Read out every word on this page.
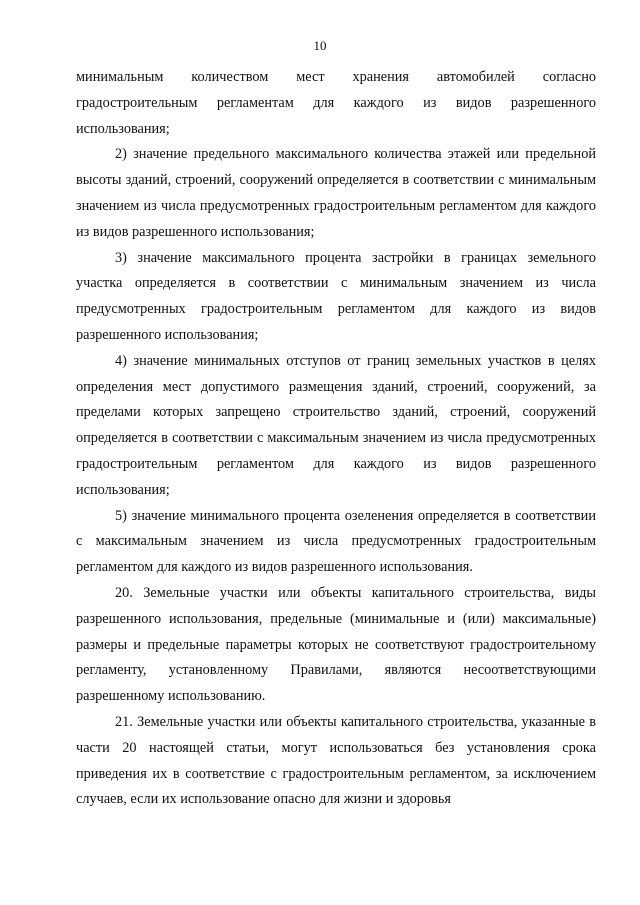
10

минимальным количеством мест хранения автомобилей согласно градостроительным регламентам для каждого из видов разрешенного использования;

2) значение предельного максимального количества этажей или предельной высоты зданий, строений, сооружений определяется в соответствии с минимальным значением из числа предусмотренных градостроительным регламентом для каждого из видов разрешенного использования;

3) значение максимального процента застройки в границах земельного участка определяется в соответствии с минимальным значением из числа предусмотренных градостроительным регламентом для каждого из видов разрешенного использования;

4) значение минимальных отступов от границ земельных участков в целях определения мест допустимого размещения зданий, строений, сооружений, за пределами которых запрещено строительство зданий, строений, сооружений определяется в соответствии с максимальным значением из числа предусмотренных градостроительным регламентом для каждого из видов разрешенного использования;

5) значение минимального процента озеленения определяется в соответствии с максимальным значением из числа предусмотренных градостроительным регламентом для каждого из видов разрешенного использования.

20. Земельные участки или объекты капитального строительства, виды разрешенного использования, предельные (минимальные и (или) максимальные) размеры и предельные параметры которых не соответствуют градостроительному регламенту, установленному Правилами, являются несоответствующими разрешенному использованию.

21. Земельные участки или объекты капитального строительства, указанные в части 20 настоящей статьи, могут использоваться без установления срока приведения их в соответствие с градостроительным регламентом, за исключением случаев, если их использование опасно для жизни и здоровья
